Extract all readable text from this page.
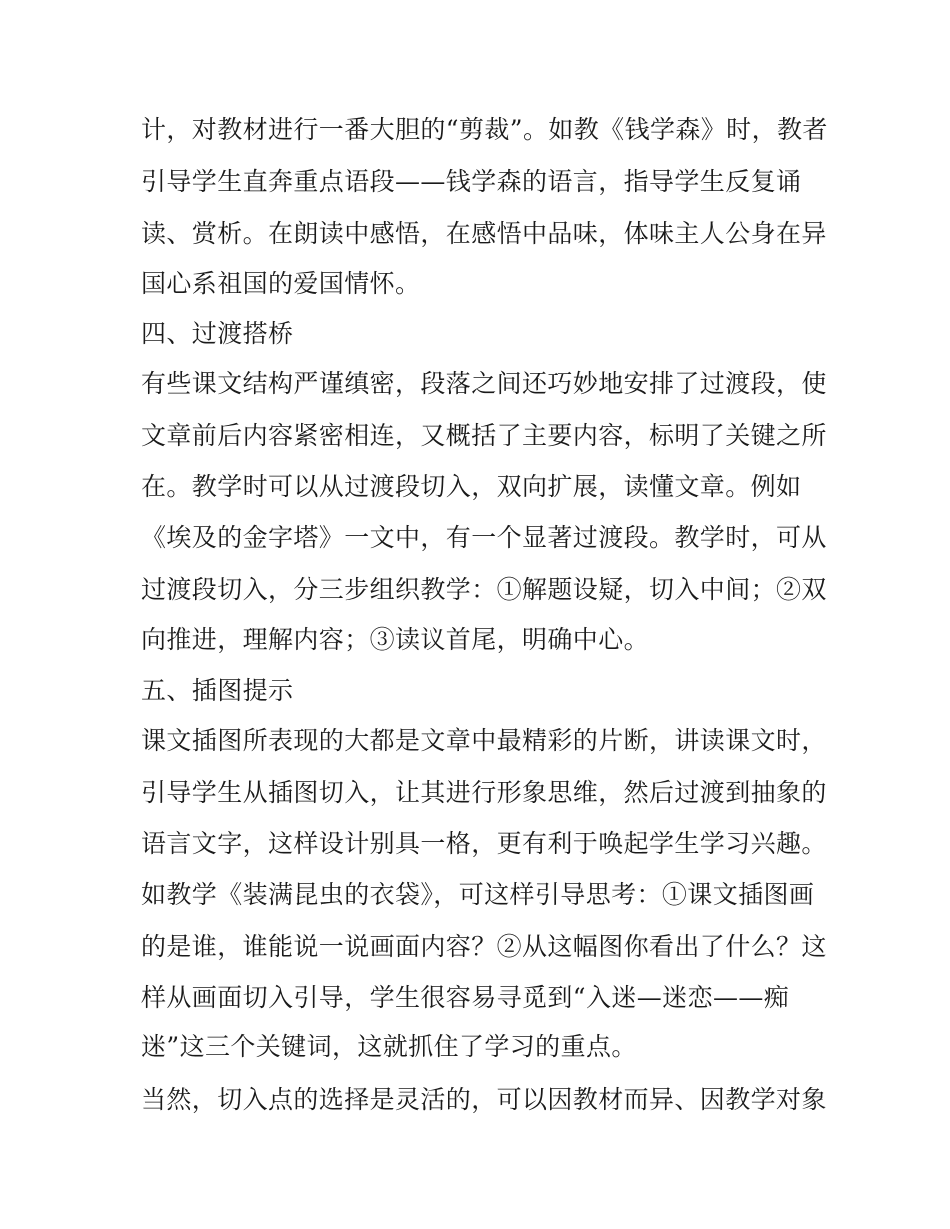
计，对教材进行一番大胆的“剪裁”。如教《钱学森》时，教者
引导学生直奔重点语段——钱学森的语言，指导学生反复诵
读、赏析。在朗读中感悟，在感悟中品味，体味主人公身在异
国心系祖国的爱国情怀。
四、过渡搭桥
有些课文结构严谨缜密，段落之间还巧妙地安排了过渡段，使
文章前后内容紧密相连，又概括了主要内容，标明了关键之所
在。教学时可以从过渡段切入，双向扩展，读懂文章。例如
《埃及的金字塔》一文中，有一个显著过渡段。教学时，可从
过渡段切入，分三步组织教学：①解题设疑，切入中间；②双
向推进，理解内容；③读议首尾，明确中心。
五、插图提示
课文插图所表现的大都是文章中最精彩的片断，讲读课文时，
引导学生从插图切入，让其进行形象思维，然后过渡到抽象的
语言文字，这样设计别具一格，更有利于唤起学生学习兴趣。
如教学《装满昆虫的衣袋》，可这样引导思考：①课文插图画
的是谁，谁能说一说画面内容？②从这幅图你看出了什么？这
样从画面切入引导，学生很容易寻觅到“入迷—迷恋——痴
迷”这三个关键词，这就抓住了学习的重点。
当然，切入点的选择是灵活的，可以因教材而异、因教学对象
